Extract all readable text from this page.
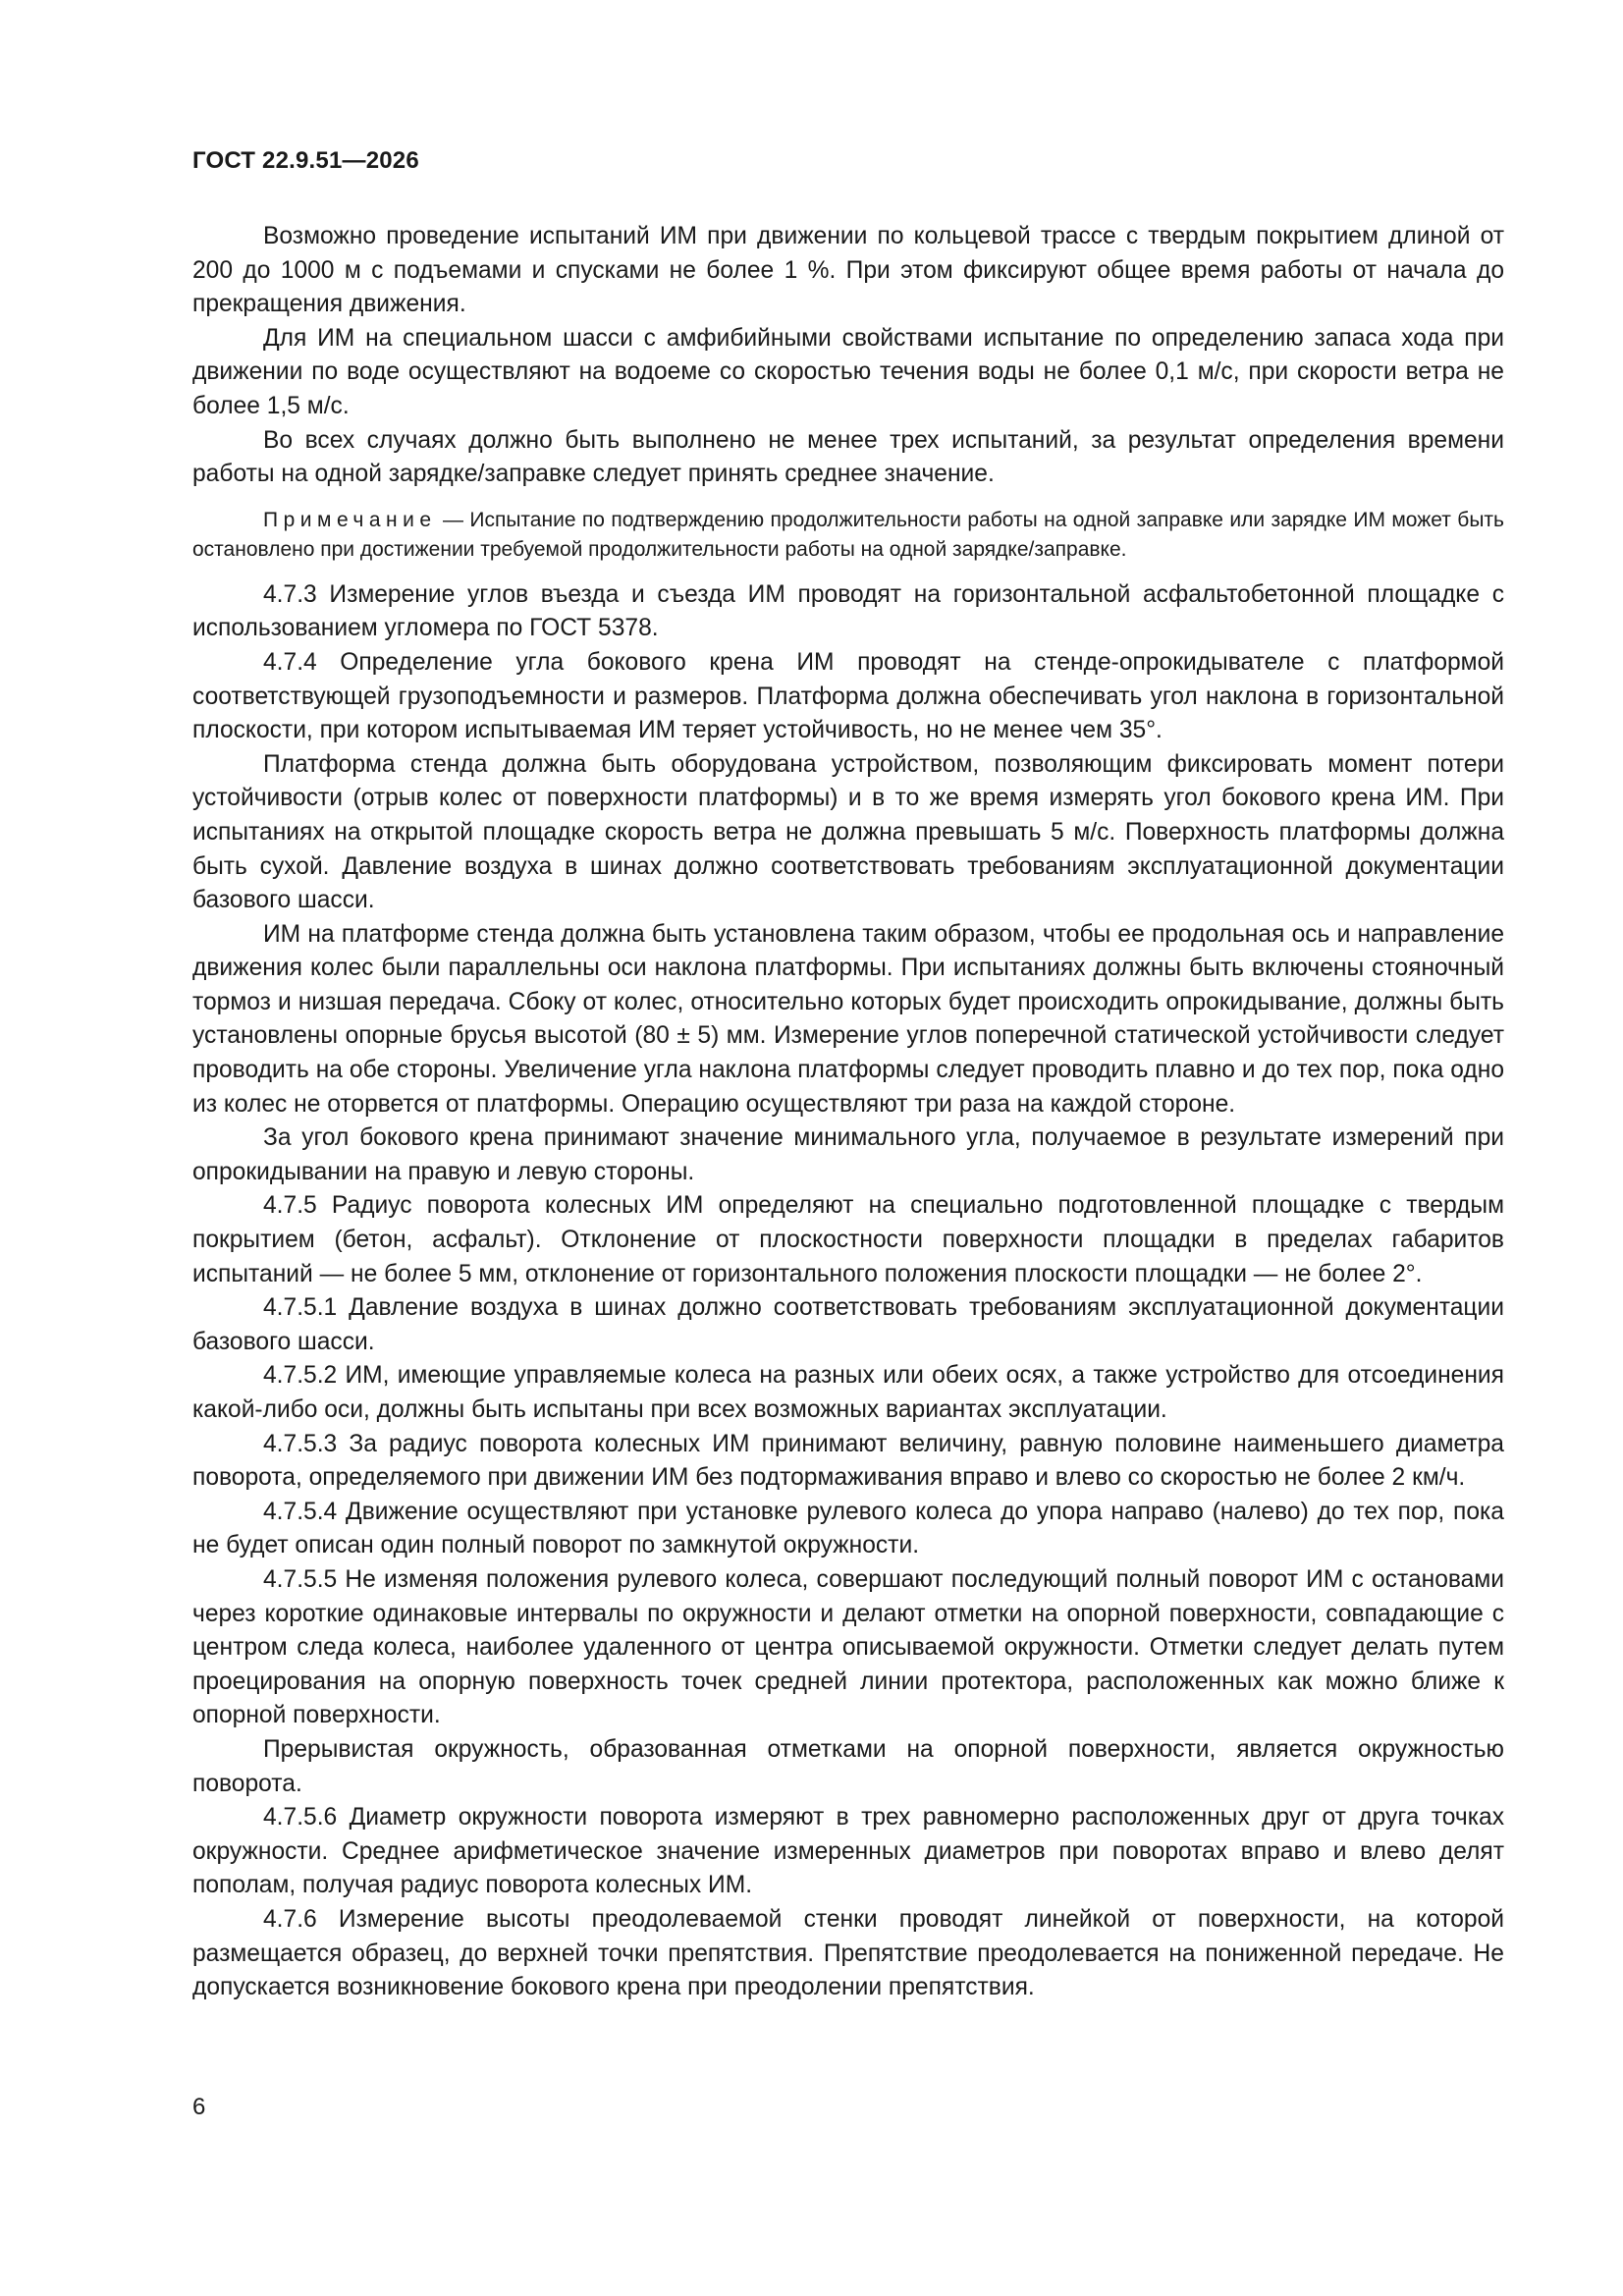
ГОСТ 22.9.51—2026

Возможно проведение испытаний ИМ при движении по кольцевой трассе с твердым покрытием длиной от 200 до 1000 м с подъемами и спусками не более 1 %. При этом фиксируют общее время работы от начала до прекращения движения.

Для ИМ на специальном шасси с амфибийными свойствами испытание по определению запаса хода при движении по воде осуществляют на водоеме со скоростью течения воды не более 0,1 м/с, при скорости ветра не более 1,5 м/с.

Во всех случаях должно быть выполнено не менее трех испытаний, за результат определения времени работы на одной зарядке/заправке следует принять среднее значение.

Примечание — Испытание по подтверждению продолжительности работы на одной заправке или зарядке ИМ может быть остановлено при достижении требуемой продолжительности работы на одной зарядке/заправке.

4.7.3 Измерение углов въезда и съезда ИМ проводят на горизонтальной асфальтобетонной площадке с использованием угломера по ГОСТ 5378.

4.7.4 Определение угла бокового крена ИМ проводят на стенде-опрокидывателе с платформой соответствующей грузоподъемности и размеров. Платформа должна обеспечивать угол наклона в горизонтальной плоскости, при котором испытываемая ИМ теряет устойчивость, но не менее чем 35°.

Платформа стенда должна быть оборудована устройством, позволяющим фиксировать момент потери устойчивости (отрыв колес от поверхности платформы) и в то же время измерять угол бокового крена ИМ. При испытаниях на открытой площадке скорость ветра не должна превышать 5 м/с. Поверхность платформы должна быть сухой. Давление воздуха в шинах должно соответствовать требованиям эксплуатационной документации базового шасси.

ИМ на платформе стенда должна быть установлена таким образом, чтобы ее продольная ось и направление движения колес были параллельны оси наклона платформы. При испытаниях должны быть включены стояночный тормоз и низшая передача. Сбоку от колес, относительно которых будет происходить опрокидывание, должны быть установлены опорные брусья высотой (80 ± 5) мм. Измерение углов поперечной статической устойчивости следует проводить на обе стороны. Увеличение угла наклона платформы следует проводить плавно и до тех пор, пока одно из колес не оторвется от платформы. Операцию осуществляют три раза на каждой стороне.

За угол бокового крена принимают значение минимального угла, получаемое в результате измерений при опрокидывании на правую и левую стороны.

4.7.5 Радиус поворота колесных ИМ определяют на специально подготовленной площадке с твердым покрытием (бетон, асфальт). Отклонение от плоскостности поверхности площадки в пределах габаритов испытаний — не более 5 мм, отклонение от горизонтального положения плоскости площадки — не более 2°.

4.7.5.1 Давление воздуха в шинах должно соответствовать требованиям эксплуатационной документации базового шасси.

4.7.5.2 ИМ, имеющие управляемые колеса на разных или обеих осях, а также устройство для отсоединения какой-либо оси, должны быть испытаны при всех возможных вариантах эксплуатации.

4.7.5.3 За радиус поворота колесных ИМ принимают величину, равную половине наименьшего диаметра поворота, определяемого при движении ИМ без подтормаживания вправо и влево со скоростью не более 2 км/ч.

4.7.5.4 Движение осуществляют при установке рулевого колеса до упора направо (налево) до тех пор, пока не будет описан один полный поворот по замкнутой окружности.

4.7.5.5 Не изменяя положения рулевого колеса, совершают последующий полный поворот ИМ с остановами через короткие одинаковые интервалы по окружности и делают отметки на опорной поверхности, совпадающие с центром следа колеса, наиболее удаленного от центра описываемой окружности. Отметки следует делать путем проецирования на опорную поверхность точек средней линии протектора, расположенных как можно ближе к опорной поверхности.

Прерывистая окружность, образованная отметками на опорной поверхности, является окружностью поворота.

4.7.5.6 Диаметр окружности поворота измеряют в трех равномерно расположенных друг от друга точках окружности. Среднее арифметическое значение измеренных диаметров при поворотах вправо и влево делят пополам, получая радиус поворота колесных ИМ.

4.7.6 Измерение высоты преодолеваемой стенки проводят линейкой от поверхности, на которой размещается образец, до верхней точки препятствия. Препятствие преодолевается на пониженной передаче. Не допускается возникновение бокового крена при преодолении препятствия.

6
